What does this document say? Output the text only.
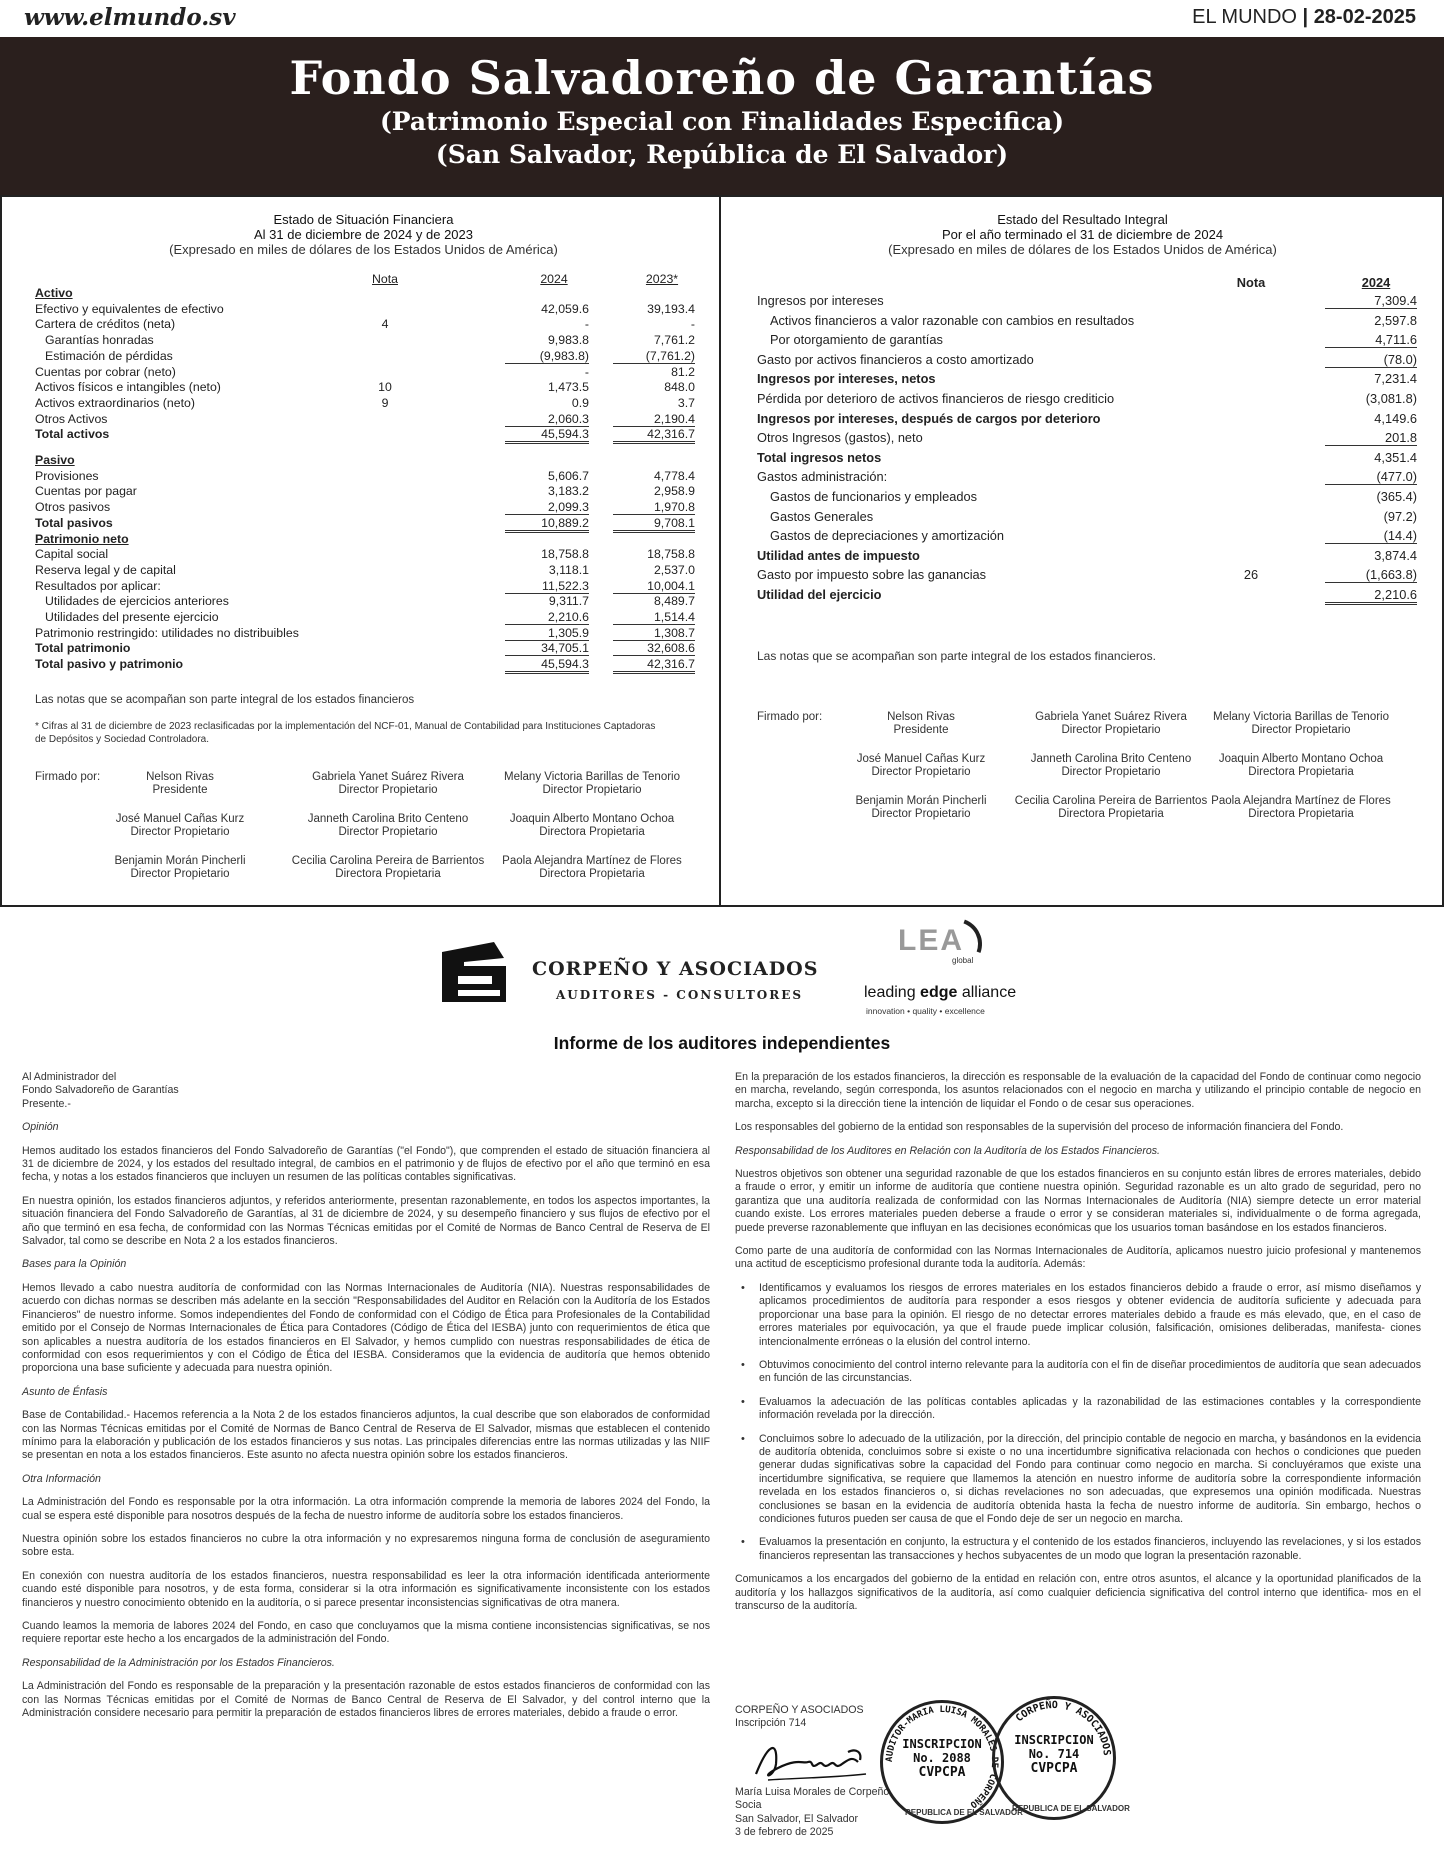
www.elmundo.sv	EL MUNDO | 28-02-2025
Fondo Salvadoreño de Garantías
(Patrimonio Especial con Finalidades Especifica)
(San Salvador, República de El Salvador)
Estado de Situación Financiera
Al 31 de diciembre de 2024 y de 2023
(Expresado en miles de dólares de los Estados Unidos de América)
Nota	2024	2023*
Activo
Efectivo y equivalentes de efectivo	42,059.6	39,193.4
Cartera de créditos (neta)	4	-	-
Garantías honradas	9,983.8	7,761.2
Estimación de pérdidas	(9,983.8)	(7,761.2)
Cuentas por cobrar (neto)	-	81.2
Activos físicos e intangibles (neto)	10	1,473.5	848.0
Activos extraordinarios (neto)	9	0.9	3.7
Otros Activos	2,060.3	2,190.4
Total activos	45,594.3	42,316.7
Pasivo
Provisiones	5,606.7	4,778.4
Cuentas por pagar	3,183.2	2,958.9
Otros pasivos	2,099.3	1,970.8
Total pasivos	10,889.2	9,708.1
Patrimonio neto
Capital social	18,758.8	18,758.8
Reserva legal y de capital	3,118.1	2,537.0
Resultados por aplicar:	11,522.3	10,004.1
Utilidades de ejercicios anteriores	9,311.7	8,489.7
Utilidades del presente ejercicio	2,210.6	1,514.4
Patrimonio restringido: utilidades no distribuibles	1,305.9	1,308.7
Total patrimonio	34,705.1	32,608.6
Total pasivo y patrimonio	45,594.3	42,316.7
Las notas que se acompañan son parte integral de los estados financieros
* Cifras al 31 de diciembre de 2023 reclasificadas por la implementación del NCF-01, Manual de Contabilidad para Instituciones Captadoras
de Depósitos y Sociedad Controladora.
Firmado por:	Nelson Rivas
Presidente
Gabriela Yanet Suárez Rivera
Director Propietario
Melany Victoria Barillas de Tenorio
Director Propietario
José Manuel Cañas Kurz
Director Propietario
Janneth Carolina Brito Centeno
Director Propietario
Joaquin Alberto Montano Ochoa
Directora Propietaria
Benjamin Morán Pincherli
Director Propietario
Cecilia Carolina Pereira de Barrientos
Directora Propietaria
Paola Alejandra Martínez de Flores
Directora Propietaria
Estado del Resultado Integral
Por el año terminado el 31 de diciembre de 2024
(Expresado en miles de dólares de los Estados Unidos de América)
Nota	2024
Ingresos por intereses	7,309.4
Activos financieros a valor razonable con cambios en resultados	2,597.8
Por otorgamiento de garantías	4,711.6
Gasto por activos financieros a costo amortizado	(78.0)
Ingresos por intereses, netos	7,231.4
Pérdida por deterioro de activos financieros de riesgo crediticio	(3,081.8)
Ingresos por intereses, después de cargos por deterioro	4,149.6
Otros Ingresos (gastos), neto	201.8
Total ingresos netos	4,351.4
Gastos administración:	(477.0)
Gastos de funcionarios y empleados	(365.4)
Gastos Generales	(97.2)
Gastos de depreciaciones y amortización	(14.4)
Utilidad antes de impuesto	3,874.4
Gasto por impuesto sobre las ganancias	26	(1,663.8)
Utilidad del ejercicio	2,210.6
Las notas que se acompañan son parte integral de los estados financieros.
Firmado por:	Nelson Rivas
Presidente
Gabriela Yanet Suárez Rivera
Director Propietario
Melany Victoria Barillas de Tenorio
Director Propietario
José Manuel Cañas Kurz
Director Propietario
Janneth Carolina Brito Centeno
Director Propietario
Joaquin Alberto Montano Ochoa
Directora Propietaria
Benjamin Morán Pincherli
Director Propietario
Cecilia Carolina Pereira de Barrientos
Directora Propietaria
Paola Alejandra Martínez de Flores
Directora Propietaria
CORPEÑO Y ASOCIADOS
AUDITORES - CONSULTORES
LEA
global
leading edge alliance
innovation • quality • excellence
Informe de los auditores independientes

Al Administrador del
Fondo Salvadoreño de Garantías
Presente.-

Opinión

Hemos auditado los estados financieros del Fondo Salvadoreño de Garantías ("el Fondo"), que comprenden el estado de situación financiera al 31 de diciembre de 2024, y los estados del resultado integral, de cambios en el patrimonio y de flujos de efectivo por el año que terminó en esa fecha, y notas a los estados financieros que incluyen un resumen de las políticas contables significativas.

En nuestra opinión, los estados financieros adjuntos, y referidos anteriormente, presentan razonablemente, en todos los aspectos importantes, la situación financiera del Fondo Salvadoreño de Garantías, al 31 de diciembre de 2024, y su desempeño financiero y sus flujos de efectivo por el año que terminó en esa fecha, de conformidad con las Normas Técnicas emitidas por el Comité de Normas de Banco Central de Reserva de El Salvador, tal como se describe en Nota 2 a los estados financieros.

Bases para la Opinión

Hemos llevado a cabo nuestra auditoría de conformidad con las Normas Internacionales de Auditoría (NIA). Nuestras responsabilidades de acuerdo con dichas normas se describen más adelante en la sección "Responsabilidades del Auditor en Relación con la Auditoría de los Estados Financieros" de nuestro informe. Somos independientes del Fondo de conformidad con el Código de Ética para Profesionales de la Contabilidad emitido por el Consejo de Normas Internacionales de Ética para Contadores (Código de Ética del IESBA) junto con requerimientos de ética que son aplicables a nuestra auditoría de los estados financieros en El Salvador, y hemos cumplido con nuestras responsabilidades de ética de conformidad con esos requerimientos y con el Código de Ética del IESBA. Consideramos que la evidencia de auditoría que hemos obtenido proporciona una base suficiente y adecuada para nuestra opinión.

Asunto de Énfasis

Base de Contabilidad.- Hacemos referencia a la Nota 2 de los estados financieros adjuntos, la cual describe que son elaborados de conformidad con las Normas Técnicas emitidas por el Comité de Normas de Banco Central de Reserva de El Salvador, mismas que establecen el contenido mínimo para la elaboración y publicación de los estados financieros y sus notas. Las principales diferencias entre las normas utilizadas y las NIIF se presentan en nota a los estados financieros. Este asunto no afecta nuestra opinión sobre los estados financieros.

Otra Información

La Administración del Fondo es responsable por la otra información. La otra información comprende la memoria de labores 2024 del Fondo, la cual se espera esté disponible para nosotros después de la fecha de nuestro informe de auditoría sobre los estados financieros.

Nuestra opinión sobre los estados financieros no cubre la otra información y no expresaremos ninguna forma de conclusión de aseguramiento sobre esta.

En conexión con nuestra auditoría de los estados financieros, nuestra responsabilidad es leer la otra información identificada anteriormente cuando esté disponible para nosotros, y de esta forma, considerar si la otra información es significativamente inconsistente con los estados financieros y nuestro conocimiento obtenido en la auditoría, o si parece presentar inconsistencias significativas de otra manera.

Cuando leamos la memoria de labores 2024 del Fondo, en caso que concluyamos que la misma contiene inconsistencias significativas, se nos requiere reportar este hecho a los encargados de la administración del Fondo.

Responsabilidad de la Administración por los Estados Financieros.

La Administración del Fondo es responsable de la preparación y la presentación razonable de estos estados financieros de conformidad con las con las Normas Técnicas emitidas por el Comité de Normas de Banco Central de Reserva de El Salvador, y del control interno que la Administración considere necesario para permitir la preparación de estados financieros libres de errores materiales, debido a fraude o error.

En la preparación de los estados financieros, la dirección es responsable de la evaluación de la capacidad del Fondo de continuar como negocio en marcha, revelando, según corresponda, los asuntos relacionados con el negocio en marcha y utilizando el principio contable de negocio en marcha, excepto si la dirección tiene la intención de liquidar el Fondo o de cesar sus operaciones.

Los responsables del gobierno de la entidad son responsables de la supervisión del proceso de información financiera del Fondo.

Responsabilidad de los Auditores en Relación con la Auditoría de los Estados Financieros.

Nuestros objetivos son obtener una seguridad razonable de que los estados financieros en su conjunto están libres de errores materiales, debido a fraude o error, y emitir un informe de auditoría que contiene nuestra opinión. Seguridad razonable es un alto grado de seguridad, pero no garantiza que una auditoría realizada de conformidad con las Normas Internacionales de Auditoría (NIA) siempre detecte un error material cuando existe. Los errores materiales pueden deberse a fraude o error y se consideran materiales si, individualmente o de forma agregada, puede preverse razonablemente que influyan en las decisiones económicas que los usuarios toman basándose en los estados financieros.

Como parte de una auditoría de conformidad con las Normas Internacionales de Auditoría, aplicamos nuestro juicio profesional y mantenemos una actitud de escepticismo profesional durante toda la auditoría. Además:

• Identificamos y evaluamos los riesgos de errores materiales en los estados financieros debido a fraude o error, así mismo diseñamos y aplicamos procedimientos de auditoría para responder a esos riesgos y obtener evidencia de auditoría suficiente y adecuada para proporcionar una base para la opinión. El riesgo de no detectar errores materiales debido a fraude es más elevado, que, en el caso de errores materiales por equivocación, ya que el fraude puede implicar colusión, falsificación, omisiones deliberadas, manifesta- ciones intencionalmente erróneas o la elusión del control interno.
• Obtuvimos conocimiento del control interno relevante para la auditoría con el fin de diseñar procedimientos de auditoría que sean adecuados en función de las circunstancias.
• Evaluamos la adecuación de las políticas contables aplicadas y la razonabilidad de las estimaciones contables y la correspondiente información revelada por la dirección.
• Concluimos sobre lo adecuado de la utilización, por la dirección, del principio contable de negocio en marcha, y basándonos en la evidencia de auditoría obtenida, concluimos sobre si existe o no una incertidumbre significativa relacionada con hechos o condiciones que pueden generar dudas significativas sobre la capacidad del Fondo para continuar como negocio en marcha. Si concluyéramos que existe una incertidumbre significativa, se requiere que llamemos la atención en nuestro informe de auditoría sobre la correspondiente información revelada en los estados financieros o, si dichas revelaciones no son adecuadas, que expresemos una opinión modificada. Nuestras conclusiones se basan en la evidencia de auditoría obtenida hasta la fecha de nuestro informe de auditoría. Sin embargo, hechos o condiciones futuros pueden ser causa de que el Fondo deje de ser un negocio en marcha.
• Evaluamos la presentación en conjunto, la estructura y el contenido de los estados financieros, incluyendo las revelaciones, y si los estados financieros representan las transacciones y hechos subyacentes de un modo que logran la presentación razonable.

Comunicamos a los encargados del gobierno de la entidad en relación con, entre otros asuntos, el alcance y la oportunidad planificados de la auditoría y los hallazgos significativos de la auditoría, así como cualquier deficiencia significativa del control interno que identifica- mos en el transcurso de la auditoría.

CORPEÑO Y ASOCIADOS
Inscripción 714
María Luisa Morales de Corpeño
Socia
San Salvador, El Salvador
3 de febrero de 2025
AUDITOR-MARIA LUISA MORALES DE CORPEÑO
INSCRIPCION
No. 2088
CVPCPA
CORPEÑO Y ASOCIADOS
INSCRIPCION
No. 714
CVPCPA
REPUBLICA DE EL SALVADOR
REPUBLICA DE EL SALVADOR
